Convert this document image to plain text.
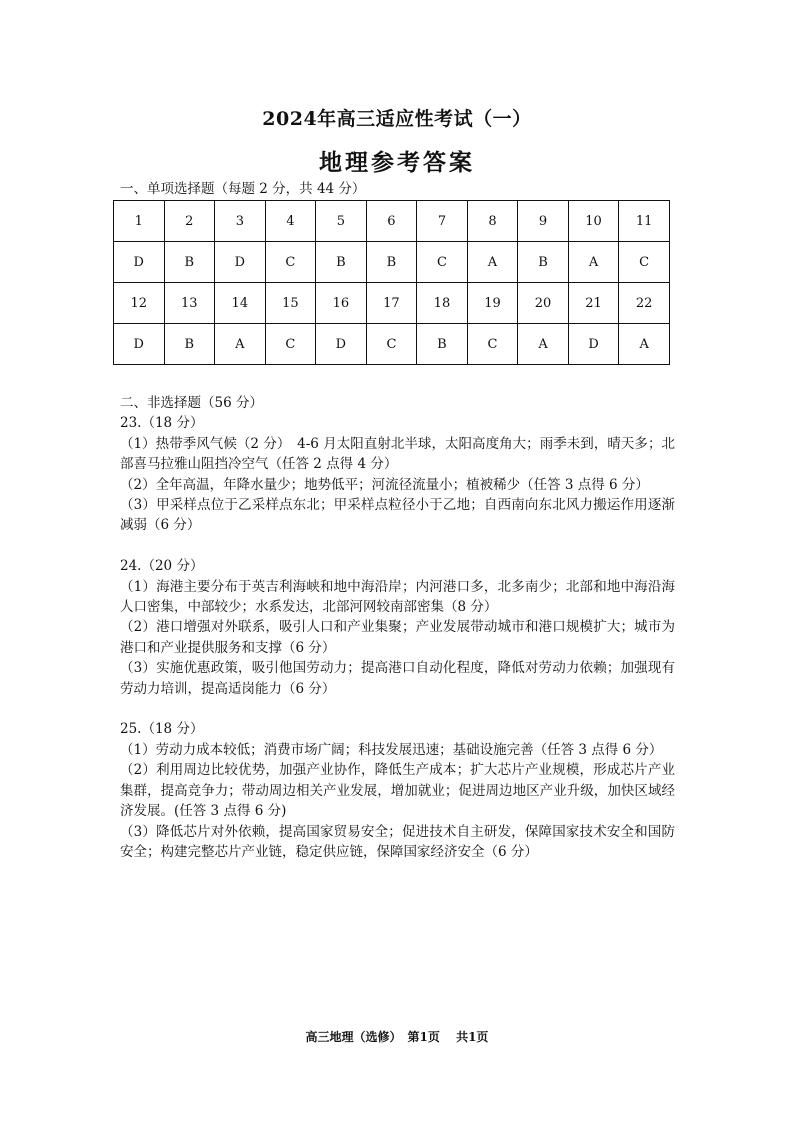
2024年高三适应性考试（一）
地理参考答案
一、单项选择题（每题 2 分，共 44 分）
1	2	3	4	5	6	7	8	9	10	11
D	B	D	C	B	B	C	A	B	A	C
12	13	14	15	16	17	18	19	20	21	22
D	B	A	C	D	C	B	C	A	D	A

二、非选择题（56 分）

23.（18 分）

（1）热带季风气候（2 分）　4-6 月太阳直射北半球，太阳高度角大；雨季未到，晴天多；北部喜马拉雅山阻挡冷空气（任答 2 点得 4 分）

（2）全年高温，年降水量少；地势低平；河流径流量小；植被稀少（任答 3 点得 6 分）

（3）甲采样点位于乙采样点东北；甲采样点粒径小于乙地；自西南向东北风力搬运作用逐渐减弱（6 分）

24.（20 分）

（1）海港主要分布于英吉利海峡和地中海沿岸；内河港口多，北多南少；北部和地中海沿海人口密集，中部较少；水系发达，北部河网较南部密集（8 分）

（2）港口增强对外联系，吸引人口和产业集聚；产业发展带动城市和港口规模扩大；城市为港口和产业提供服务和支撑（6 分）

（3）实施优惠政策，吸引他国劳动力；提高港口自动化程度，降低对劳动力依赖；加强现有劳动力培训，提高适岗能力（6 分）

25.（18 分）

（1）劳动力成本较低；消费市场广阔；科技发展迅速；基础设施完善（任答 3 点得 6 分）

（2）利用周边比较优势，加强产业协作，降低生产成本；扩大芯片产业规模，形成芯片产业集群，提高竞争力；带动周边相关产业发展，增加就业；促进周边地区产业升级，加快区域经济发展。(任答 3 点得 6 分)

（3）降低芯片对外依赖，提高国家贸易安全；促进技术自主研发，保障国家技术安全和国防安全；构建完整芯片产业链，稳定供应链，保障国家经济安全（6 分）

高三地理（选修）　第1页　 共1页
